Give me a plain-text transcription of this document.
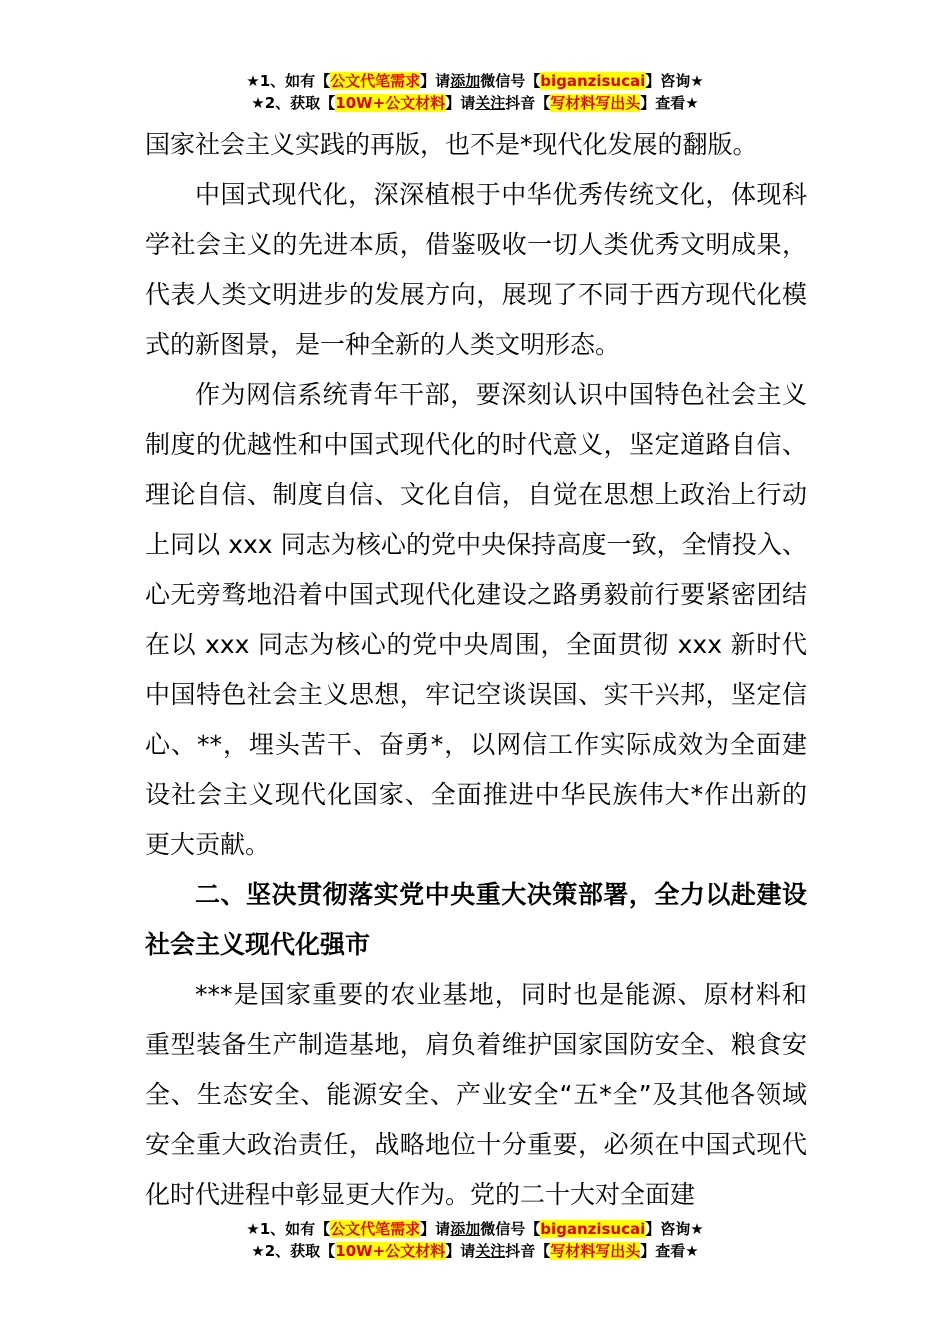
★1、如有【公文代笔需求】请添加微信号【biganzisucai】咨询★
★2、获取【10W+公文材料】请关注抖音【写材料写出头】查看★

国家社会主义实践的再版，也不是*现代化发展的翻版。

中国式现代化，深深植根于中华优秀传统文化，体现科学社会主义的先进本质，借鉴吸收一切人类优秀文明成果，代表人类文明进步的发展方向，展现了不同于西方现代化模式的新图景，是一种全新的人类文明形态。

作为网信系统青年干部，要深刻认识中国特色社会主义制度的优越性和中国式现代化的时代意义，坚定道路自信、理论自信、制度自信、文化自信，自觉在思想上政治上行动上同以 xxx 同志为核心的党中央保持高度一致，全情投入、心无旁骛地沿着中国式现代化建设之路勇毅前行要紧密团结在以 xxx 同志为核心的党中央周围，全面贯彻 xxx 新时代中国特色社会主义思想，牢记空谈误国、实干兴邦，坚定信心、**，埋头苦干、奋勇*，以网信工作实际成效为全面建设社会主义现代化国家、全面推进中华民族伟大*作出新的更大贡献。

二、坚决贯彻落实党中央重大决策部署，全力以赴建设社会主义现代化强市

***是国家重要的农业基地，同时也是能源、原材料和重型装备生产制造基地，肩负着维护国家国防安全、粮食安全、生态安全、能源安全、产业安全“五*全”及其他各领域安全重大政治责任，战略地位十分重要，必须在中国式现代化时代进程中彰显更大作为。党的二十大对全面建

★1、如有【公文代笔需求】请添加微信号【biganzisucai】咨询★
★2、获取【10W+公文材料】请关注抖音【写材料写出头】查看★
